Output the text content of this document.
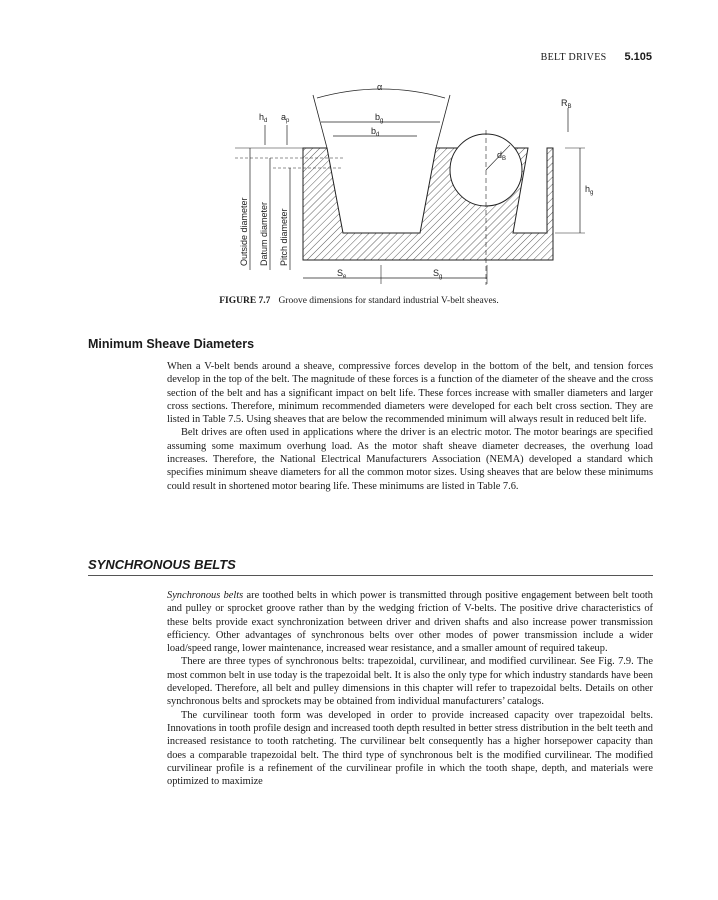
BELT DRIVES 5.105
α
$h_d$ $a_p$	$b_g$
$b_d$
$R_B$
$d_B$
$h_g$
$S_e$	$S_g$
Outside diameter Datum diameter Pitch diameter
FIGURE 7.7 Groove dimensions for standard industrial V-belt sheaves.
Minimum Sheave Diameters

When a V-belt bends around a sheave, compressive forces develop in the bottom of the belt, and tension forces develop in the top of the belt. The magnitude of these forces is a function of the diameter of the sheave and the cross section of the belt and has a significant impact on belt life. These forces increase with smaller diameters and larger cross sections. Therefore, minimum recommended diameters were developed for each belt cross section. They are listed in Table 7.5. Using sheaves that are below the recommended minimum will always result in reduced belt life.

Belt drives are often used in applications where the driver is an electric motor. The motor bearings are specified assuming some maximum overhung load. As the motor shaft sheave diameter decreases, the overhung load increases. Therefore, the National Electrical Manufacturers Association (NEMA) developed a standard which specifies minimum sheave diameters for all the common motor sizes. Using sheaves that are below these minimums could result in shortened motor bearing life. These minimums are listed in Table 7.6.

SYNCHRONOUS BELTS

Synchronous belts are toothed belts in which power is transmitted through positive engagement between belt tooth and pulley or sprocket groove rather than by the wedging friction of V-belts. The positive drive characteristics of these belts provide exact synchronization between driver and driven shafts and also increase power transmission efficiency. Other advantages of synchronous belts over other modes of power transmission include a wider load/speed range, lower maintenance, increased wear resistance, and a smaller amount of required takeup.

There are three types of synchronous belts: trapezoidal, curvilinear, and modified curvilinear. See Fig. 7.9. The most common belt in use today is the trapezoidal belt. It is also the only type for which industry standards have been developed. Therefore, all belt and pulley dimensions in this chapter will refer to trapezoidal belts. Details on other synchronous belts and sprockets may be obtained from individual manufacturers’ catalogs.

The curvilinear tooth form was developed in order to provide increased capacity over trapezoidal belts. Innovations in tooth profile design and increased tooth depth resulted in better stress distribution in the belt teeth and increased resistance to tooth ratcheting. The curvilinear belt consequently has a higher horsepower capacity than does a comparable trapezoidal belt. The third type of synchronous belt is the modified curvilinear. The modified curvilinear profile is a refinement of the curvilinear profile in which the tooth shape, depth, and materials were optimized to maximize
